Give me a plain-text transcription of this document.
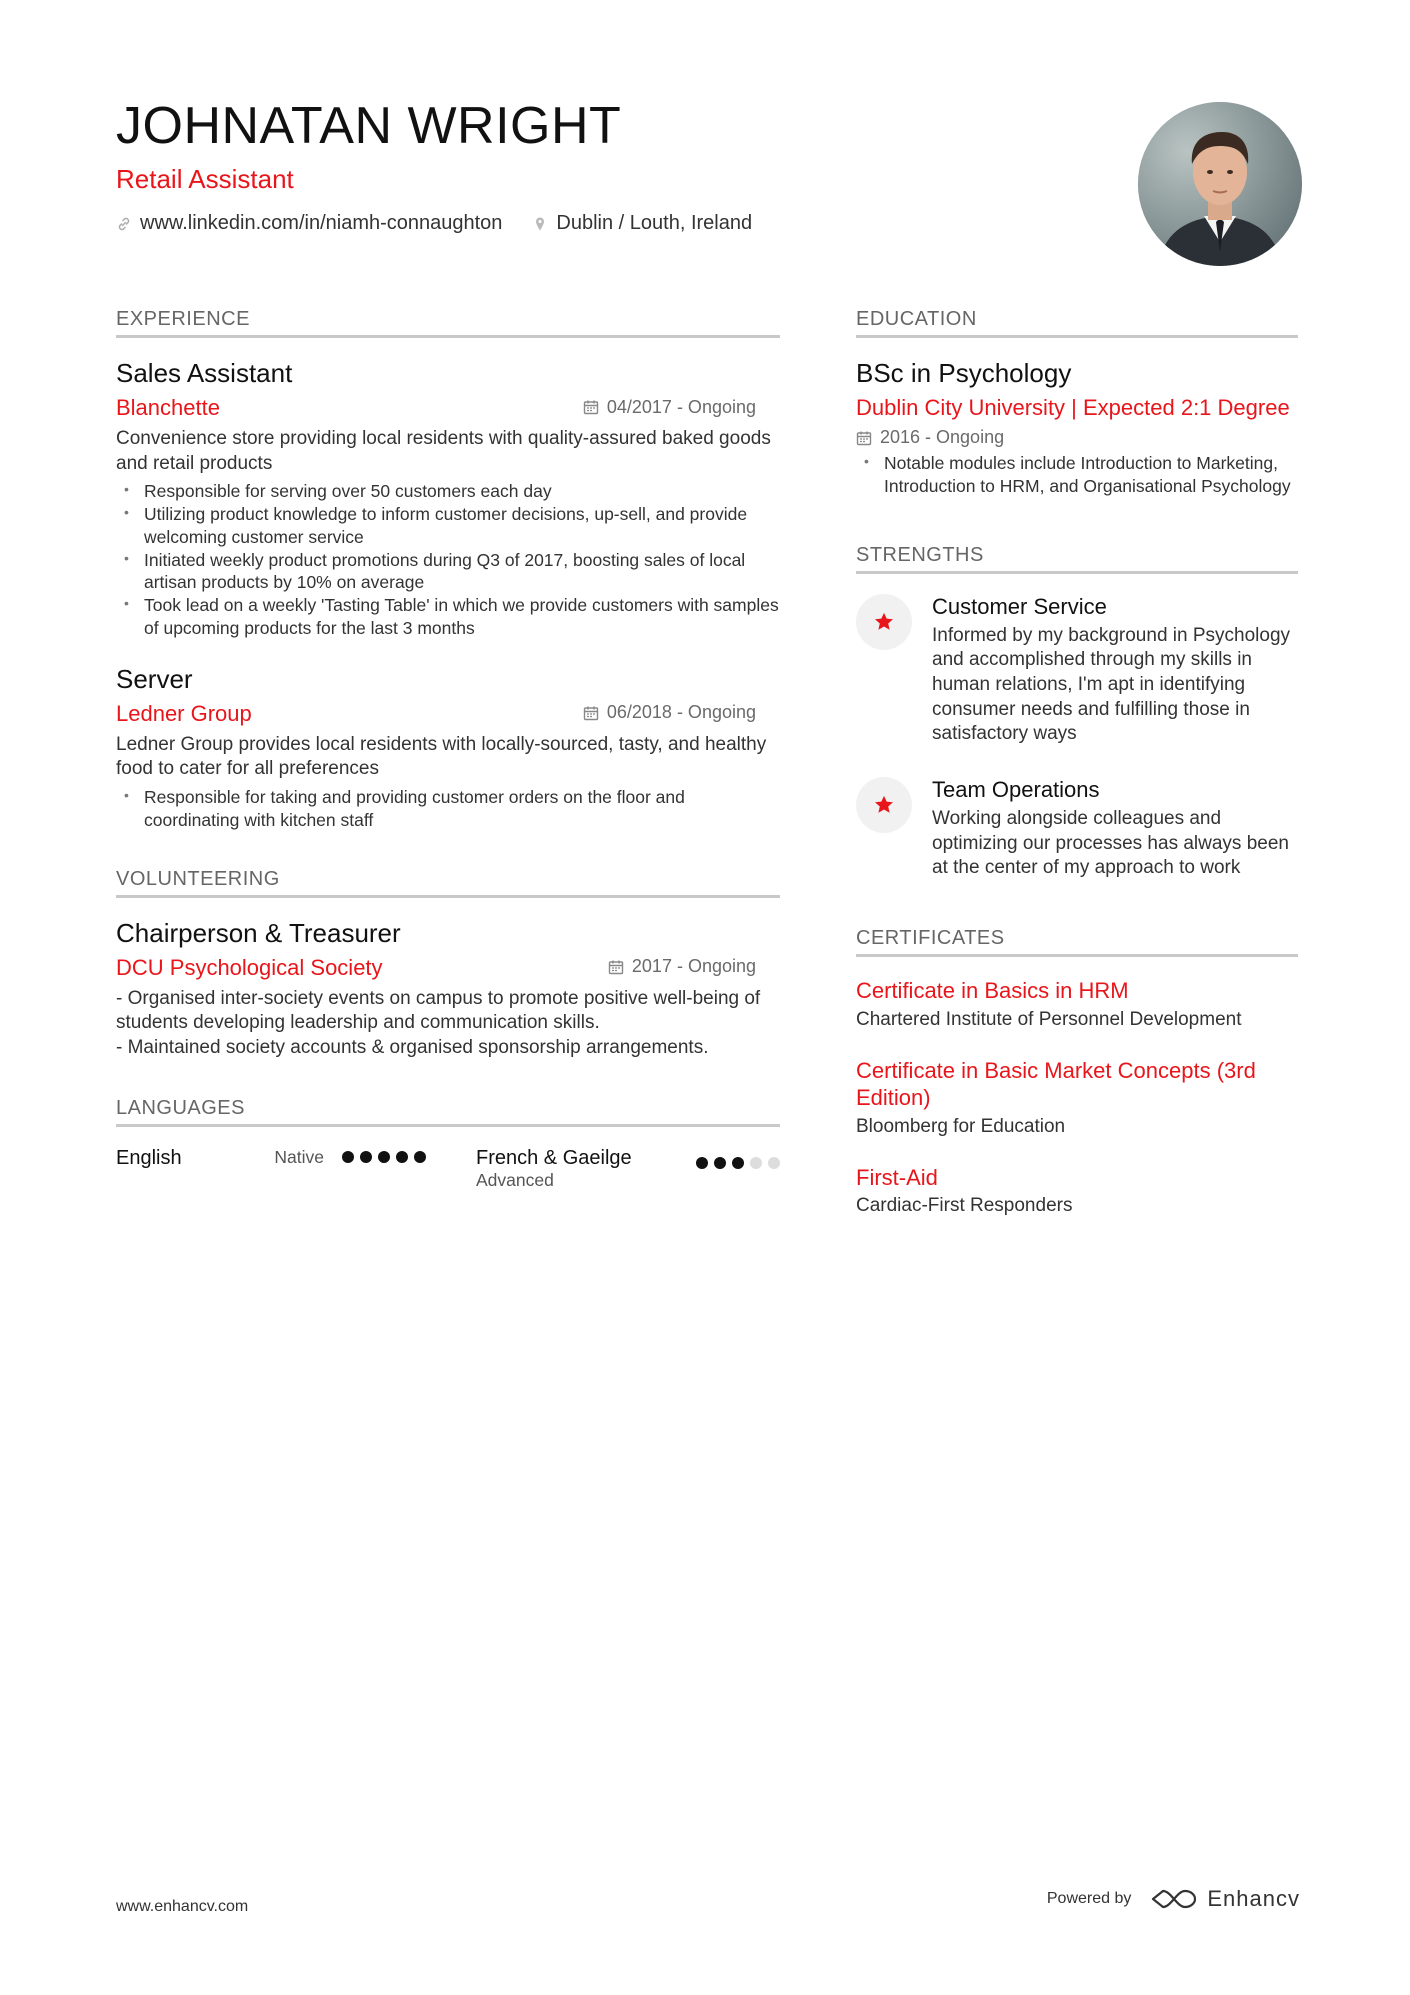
JOHNATAN WRIGHT
Retail Assistant
www.linkedin.com/in/niamh-connaughton	Dublin / Louth, Ireland
EXPERIENCE
Sales Assistant
Blanchette	04/2017 - Ongoing
Convenience store providing local residents with quality-assured baked goods and retail products
• Responsible for serving over 50 customers each day
• Utilizing product knowledge to inform customer decisions, up-sell, and provide welcoming customer service
• Initiated weekly product promotions during Q3 of 2017, boosting sales of local artisan products by 10% on average
• Took lead on a weekly 'Tasting Table' in which we provide customers with samples of upcoming products for the last 3 months
Server
Ledner Group	06/2018 - Ongoing
Ledner Group provides local residents with locally-sourced, tasty, and healthy food to cater for all preferences
• Responsible for taking and providing customer orders on the floor and coordinating with kitchen staff
VOLUNTEERING
Chairperson & Treasurer
DCU Psychological Society	2017 - Ongoing
- Organised inter-society events on campus to promote positive well-being of students developing leadership and communication skills.
- Maintained society accounts & organised sponsorship arrangements.
LANGUAGES
English	Native	French & Gaeilge
Advanced
EDUCATION
BSc in Psychology
Dublin City University | Expected 2:1 Degree
2016 - Ongoing
• Notable modules include Introduction to Marketing, Introduction to HRM, and Organisational Psychology
STRENGTHS
Customer Service
Informed by my background in Psychology and accomplished through my skills in human relations, I'm apt in identifying consumer needs and fulfilling those in satisfactory ways
Team Operations
Working alongside colleagues and optimizing our processes has always been at the center of my approach to work
CERTIFICATES
Certificate in Basics in HRM
Chartered Institute of Personnel Development
Certificate in Basic Market Concepts (3rd Edition)
Bloomberg for Education
First-Aid
Cardiac-First Responders
www.enhancv.com	Powered by	Enhancv
